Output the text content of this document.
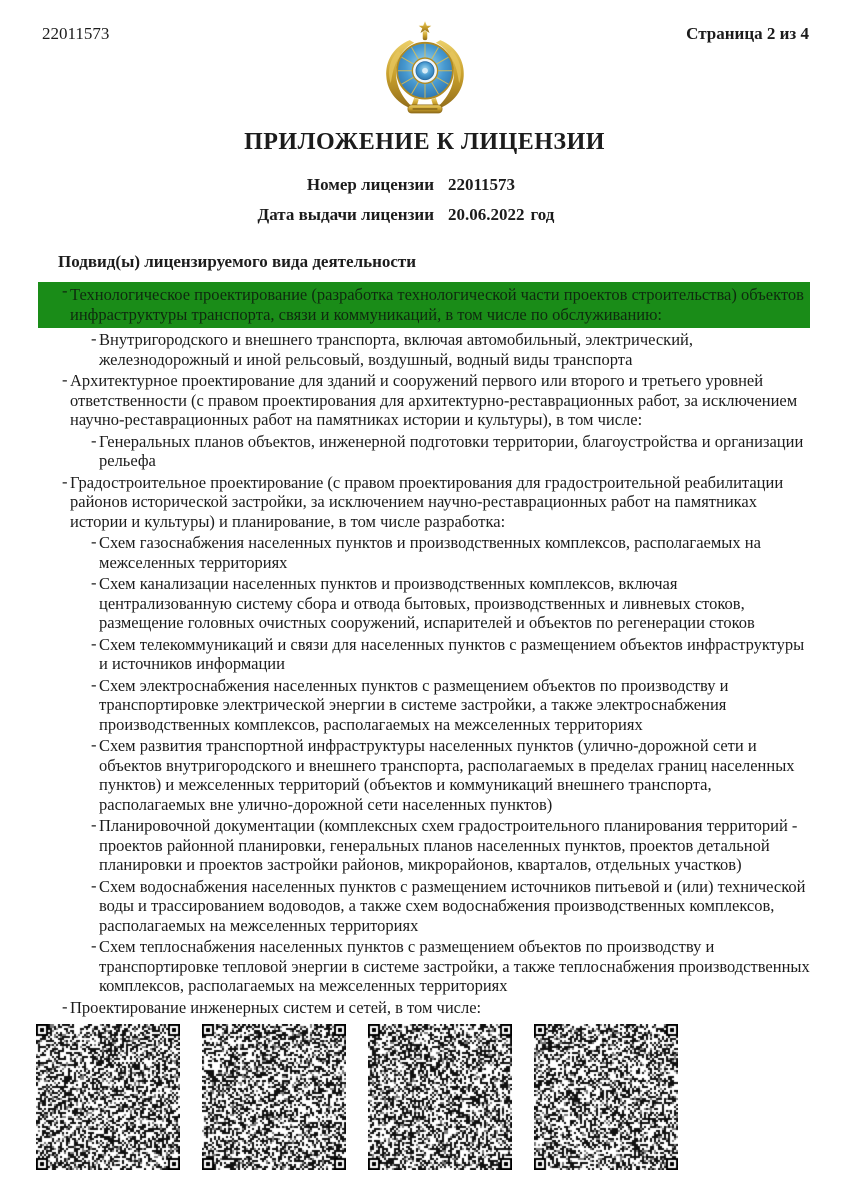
22011573	Страница 2 из 4
ПРИЛОЖЕНИЕ К ЛИЦЕНЗИИ
Номер лицензии 22011573
Дата выдачи лицензии 20.06.2022 год
Подвид(ы) лицензируемого вида деятельности
- Технологическое проектирование (разработка технологической части проектов строительства) объектов инфраструктуры транспорта, связи и коммуникаций, в том числе по обслуживанию:
- Внутригородского и внешнего транспорта, включая автомобильный, электрический, железнодорожный и иной рельсовый, воздушный, водный виды транспорта
- Архитектурное проектирование для зданий и сооружений первого или второго и третьего уровней ответственности (с правом проектирования для архитектурно-реставрационных работ, за исключением научно-реставрационных работ на памятниках истории и культуры), в том числе:
- Генеральных планов объектов, инженерной подготовки территории, благоустройства и организации рельефа
- Градостроительное проектирование (с правом проектирования для градостроительной реабилитации районов исторической застройки, за исключением научно-реставрационных работ на памятниках истории и культуры) и планирование, в том числе разработка:
- Схем газоснабжения населенных пунктов и производственных комплексов, располагаемых на межселенных территориях
- Схем канализации населенных пунктов и производственных комплексов, включая централизованную систему сбора и отвода бытовых, производственных и ливневых стоков, размещение головных очистных сооружений, испарителей и объектов по регенерации стоков
- Схем телекоммуникаций и связи для населенных пунктов с размещением объектов инфраструктуры и источников информации
- Схем электроснабжения населенных пунктов с размещением объектов по производству и транспортировке электрической энергии в системе застройки, а также электроснабжения производственных комплексов, располагаемых на межселенных территориях
- Схем развития транспортной инфраструктуры населенных пунктов (улично-дорожной сети и объектов внутригородского и внешнего транспорта, располагаемых в пределах границ населенных пунктов) и межселенных территорий (объектов и коммуникаций внешнего транспорта, располагаемых вне улично-дорожной сети населенных пунктов)
- Планировочной документации (комплексных схем градостроительного планирования территорий - проектов районной планировки, генеральных планов населенных пунктов, проектов детальной планировки и проектов застройки районов, микрорайонов, кварталов, отдельных участков)
- Схем водоснабжения населенных пунктов с размещением источников питьевой и (или) технической воды и трассированием водоводов, а также схем водоснабжения производственных комплексов, располагаемых на межселенных территориях
- Схем теплоснабжения населенных пунктов с размещением объектов по производству и транспортировке тепловой энергии в системе застройки, а также теплоснабжения производственных комплексов, располагаемых на межселенных территориях
- Проектирование инженерных систем и сетей, в том числе:
